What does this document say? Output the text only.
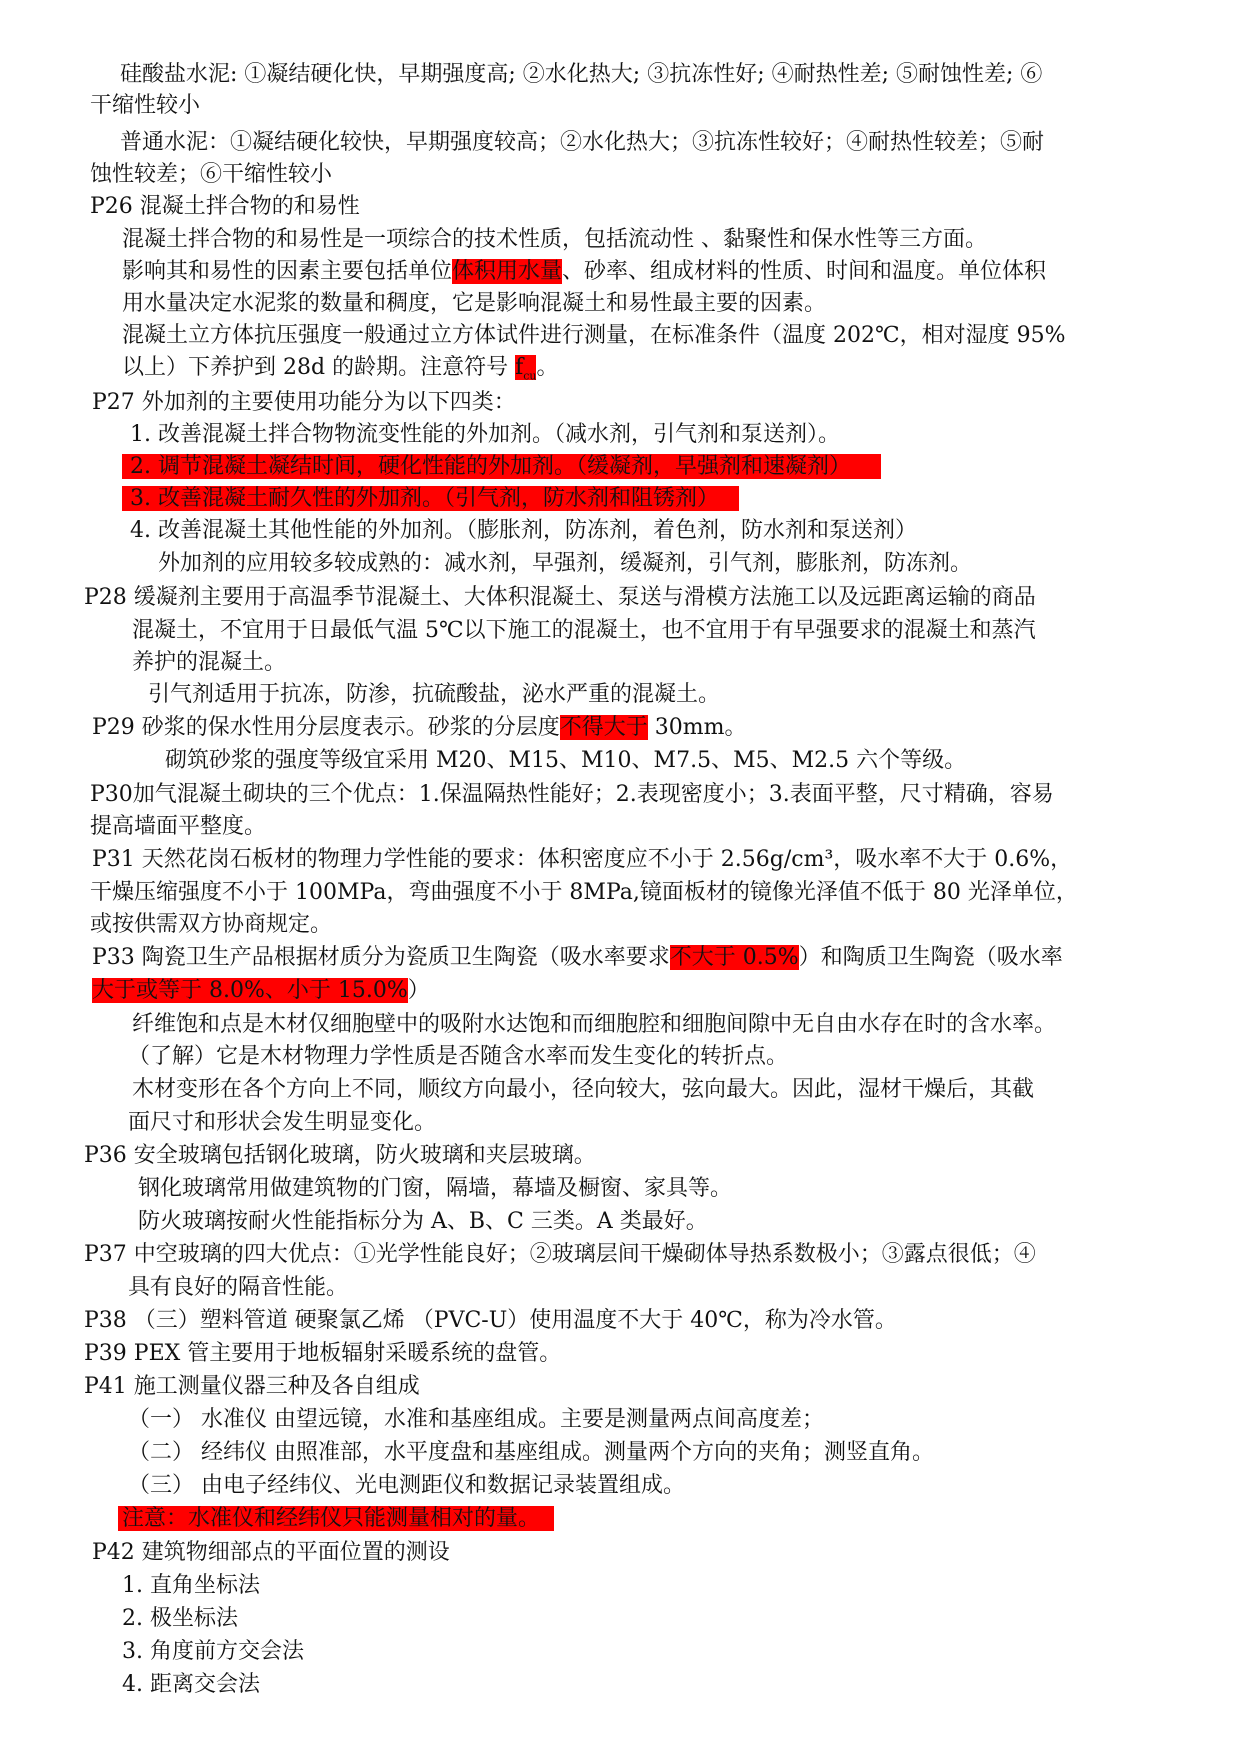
硅酸盐水泥: ①凝结硬化快，早期强度高; ②水化热大; ③抗冻性好; ④耐热性差; ⑤耐蚀性差; ⑥
干缩性较小
普通水泥：①凝结硬化较快，早期强度较高；②水化热大；③抗冻性较好；④耐热性较差；⑤耐
蚀性较差；⑥干缩性较小
P26 混凝土拌合物的和易性
混凝土拌合物的和易性是一项综合的技术性质，包括流动性 、黏聚性和保水性等三方面。
影响其和易性的因素主要包括单位体积用水量、砂率、组成材料的性质、时间和温度。单位体积
用水量决定水泥浆的数量和稠度，它是影响混凝土和易性最主要的因素。
混凝土立方体抗压强度一般通过立方体试件进行测量，在标准条件（温度 202℃，相对湿度 95%
以上）下养护到 28d 的龄期。注意符号 $f_{cu}$。
P27 外加剂的主要使用功能分为以下四类：
1. 改善混凝土拌合物物流变性能的外加剂。（减水剂，引气剂和泵送剂）。
2. 调节混凝土凝结时间，硬化性能的外加剂。（缓凝剂，早强剂和速凝剂）
3. 改善混凝土耐久性的外加剂。（引气剂，防水剂和阻锈剂）
4. 改善混凝土其他性能的外加剂。（膨胀剂，防冻剂，着色剂，防水剂和泵送剂）
外加剂的应用较多较成熟的：减水剂，早强剂，缓凝剂，引气剂，膨胀剂，防冻剂。
P28 缓凝剂主要用于高温季节混凝土、大体积混凝土、泵送与滑模方法施工以及远距离运输的商品
混凝土，不宜用于日最低气温 5℃以下施工的混凝土，也不宜用于有早强要求的混凝土和蒸汽
养护的混凝土。
引气剂适用于抗冻，防渗，抗硫酸盐，泌水严重的混凝土。
P29 砂浆的保水性用分层度表示。砂浆的分层度不得大于 30mm。
砌筑砂浆的强度等级宜采用 M20、M15、M10、M7.5、M5、M2.5 六个等级。
P30加气混凝土砌块的三个优点：1.保温隔热性能好；2.表现密度小；3.表面平整，尺寸精确，容易
提高墙面平整度。
P31 天然花岗石板材的物理力学性能的要求：体积密度应不小于 2.56g/cm³，吸水率不大于 0.6%，
干燥压缩强度不小于 100MPa，弯曲强度不小于 8MPa,镜面板材的镜像光泽值不低于 80 光泽单位，
或按供需双方协商规定。
P33 陶瓷卫生产品根据材质分为瓷质卫生陶瓷（吸水率要求不大于 0.5%）和陶质卫生陶瓷（吸水率
大于或等于 8.0%、小于 15.0%）
纤维饱和点是木材仅细胞壁中的吸附水达饱和而细胞腔和细胞间隙中无自由水存在时的含水率。
（了解）它是木材物理力学性质是否随含水率而发生变化的转折点。
木材变形在各个方向上不同，顺纹方向最小，径向较大，弦向最大。因此，湿材干燥后，其截
面尺寸和形状会发生明显变化。
P36 安全玻璃包括钢化玻璃，防火玻璃和夹层玻璃。
钢化玻璃常用做建筑物的门窗，隔墙，幕墙及橱窗、家具等。
防火玻璃按耐火性能指标分为 A、B、C 三类。A 类最好。
P37 中空玻璃的四大优点：①光学性能良好；②玻璃层间干燥砌体导热系数极小；③露点很低；④
具有良好的隔音性能。
P38 （三）塑料管道 硬聚氯乙烯 （PVC-U）使用温度不大于 40℃，称为冷水管。
P39 PEX 管主要用于地板辐射采暖系统的盘管。
P41 施工测量仪器三种及各自组成
（一） 水准仪 由望远镜，水准和基座组成。主要是测量两点间高度差；
（二） 经纬仪 由照准部，水平度盘和基座组成。测量两个方向的夹角；测竖直角。
（三） 由电子经纬仪、光电测距仪和数据记录装置组成。
注意：水准仪和经纬仪只能测量相对的量。
P42 建筑物细部点的平面位置的测设
1. 直角坐标法
2. 极坐标法
3. 角度前方交会法
4. 距离交会法
